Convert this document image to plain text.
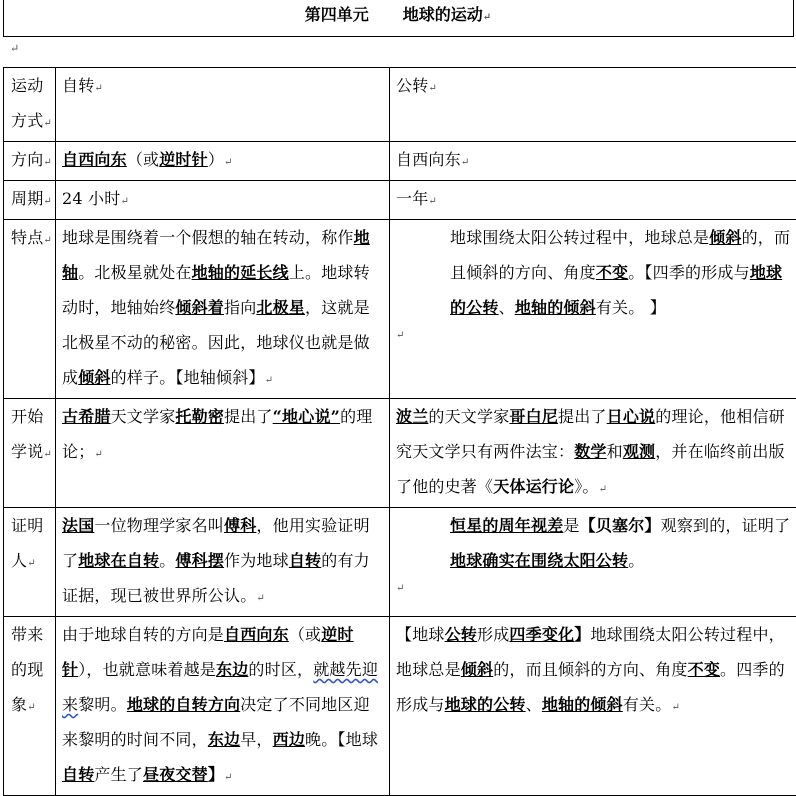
第四单元 地球的运动↵
↵
运动方式↵	自转↵	公转↵
方向↵	自西向东（或逆时针）↵	自西向东↵
周期↵	24 小时↵	一年↵
特点↵	地球是围绕着一个假想的轴在转动，称作地轴。北极星就处在地轴的延长线上。地球转动时，地轴始终倾斜着指向北极星，这就是北极星不动的秘密。因此，地球仪也就是做成倾斜的样子。【地轴倾斜】↵	地球围绕太阳公转过程中，地球总是倾斜的，而且倾斜的方向、角度不变。【四季的形成与地球的公转、地轴的倾斜有关。 】
↵

开始学说↵	古希腊天文学家托勒密提出了“地心说”的理论；↵	波兰的天文学家哥白尼提出了日心说的理论，他相信研究天文学只有两件法宝：数学和观测，并在临终前出版了他的史著《天体运行论》。↵
证明人↵	法国一位物理学家名叫傅科，他用实验证明了地球在自转。傅科摆作为地球自转的有力证据，现已被世界所公认。↵	恒星的周年视差是【贝塞尔】观察到的，证明了地球确实在围绕太阳公转。
↵

带来的现象↵	由于地球自转的方向是自西向东（或逆时针），也就意味着越是东边的时区，就越先迎来黎明。地球的自转方向决定了不同地区迎来黎明的时间不同，东边早，西边晚。【地球自转产生了昼夜交替】↵	【地球公转形成四季变化】地球围绕太阳公转过程中，地球总是倾斜的，而且倾斜的方向、角度不变。四季的形成与地球的公转、地轴的倾斜有关。↵
